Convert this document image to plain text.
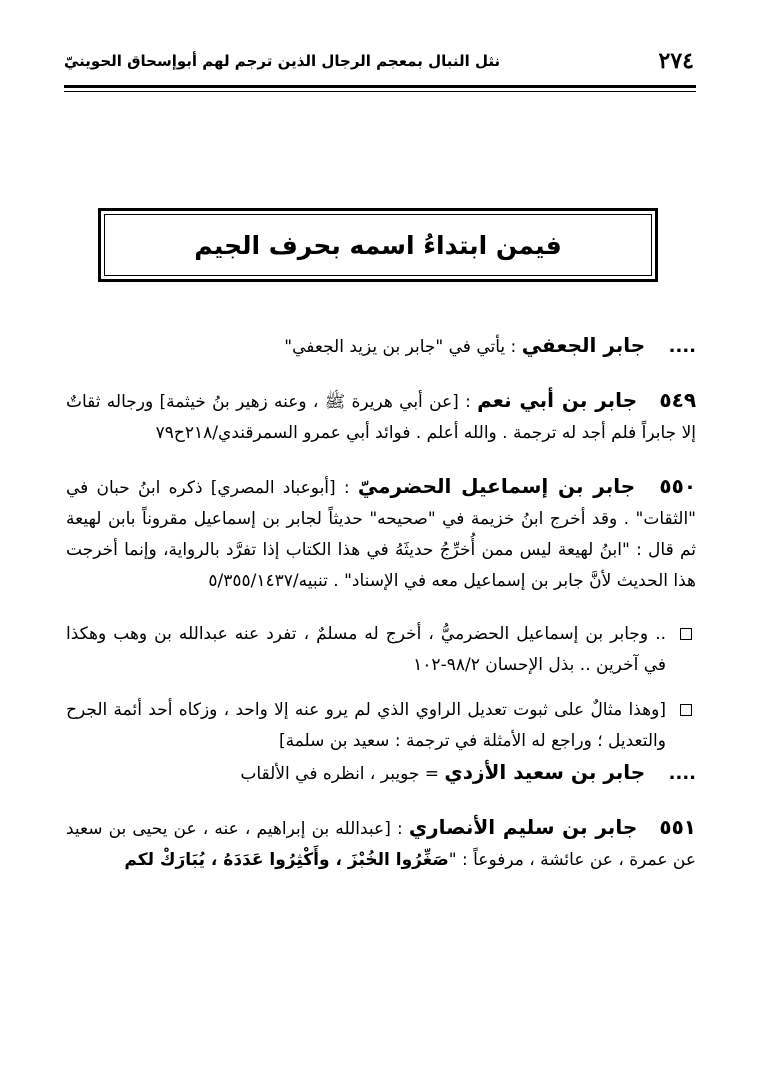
٢٧٤
نثل النبال بمعجم الرجال الذين ترجم لهم أبوإسحاق الحوينيّ
فيمن ابتداءُ اسمه بحرف الجيم

.... جابر الجعفي : يأتي في "جابر بن يزيد الجعفي"

٥٤٩ جابر بن أبي نعم : [عن أبي هريرة ﷺ ، وعنه زهير بنُ خيثمة] ورجاله ثقاتٌ إلا جابراً فلم أجد له ترجمة . والله أعلم . فوائد أبي عمرو السمرقندي/٢١٨ح٧٩

٥٥٠ جابر بن إسماعيل الحضرميّ : [أبوعباد المصري] ذكره ابنُ حبان في "الثقات" . وقد أخرج ابنُ خزيمة في "صحيحه" حديثاً لجابر بن إسماعيل مقروناً بابن لهيعة ثم قال : "ابنُ لهيعة ليس ممن أُخرِّجُ حديثَهُ في هذا الكتاب إذا تفرَّد بالرواية، وإنما أخرجت هذا الحديث لأنَّ جابر بن إسماعيل معه في الإسناد" . تنبيه/٥/٣٥٥/١٤٣٧

.. وجابر بن إسماعيل الحضرميُّ ، أخرج له مسلمٌ ، تفرد عنه عبدالله بن وهب وهكذا في آخرين .. بذل الإحسان ٩٨/٢-١٠٢

[وهذا مثالٌ على ثبوت تعديل الراوي الذي لم يرو عنه إلا واحد ، وزكاه أحد أئمة الجرح والتعديل ؛ وراجع له الأمثلة في ترجمة : سعيد بن سلمة]

.... جابر بن سعيد الأزدي = جويبر ، انظره في الألقاب

٥٥١ جابر بن سليم الأنصاري : [عبدالله بن إبراهيم ، عنه ، عن يحيى بن سعيد عن عمرة ، عن عائشة ، مرفوعاً : "صَغِّرُوا الخُبْزَ ، وأَكْثِرُوا عَدَدَهُ ، يُبَارَكْ لكم
